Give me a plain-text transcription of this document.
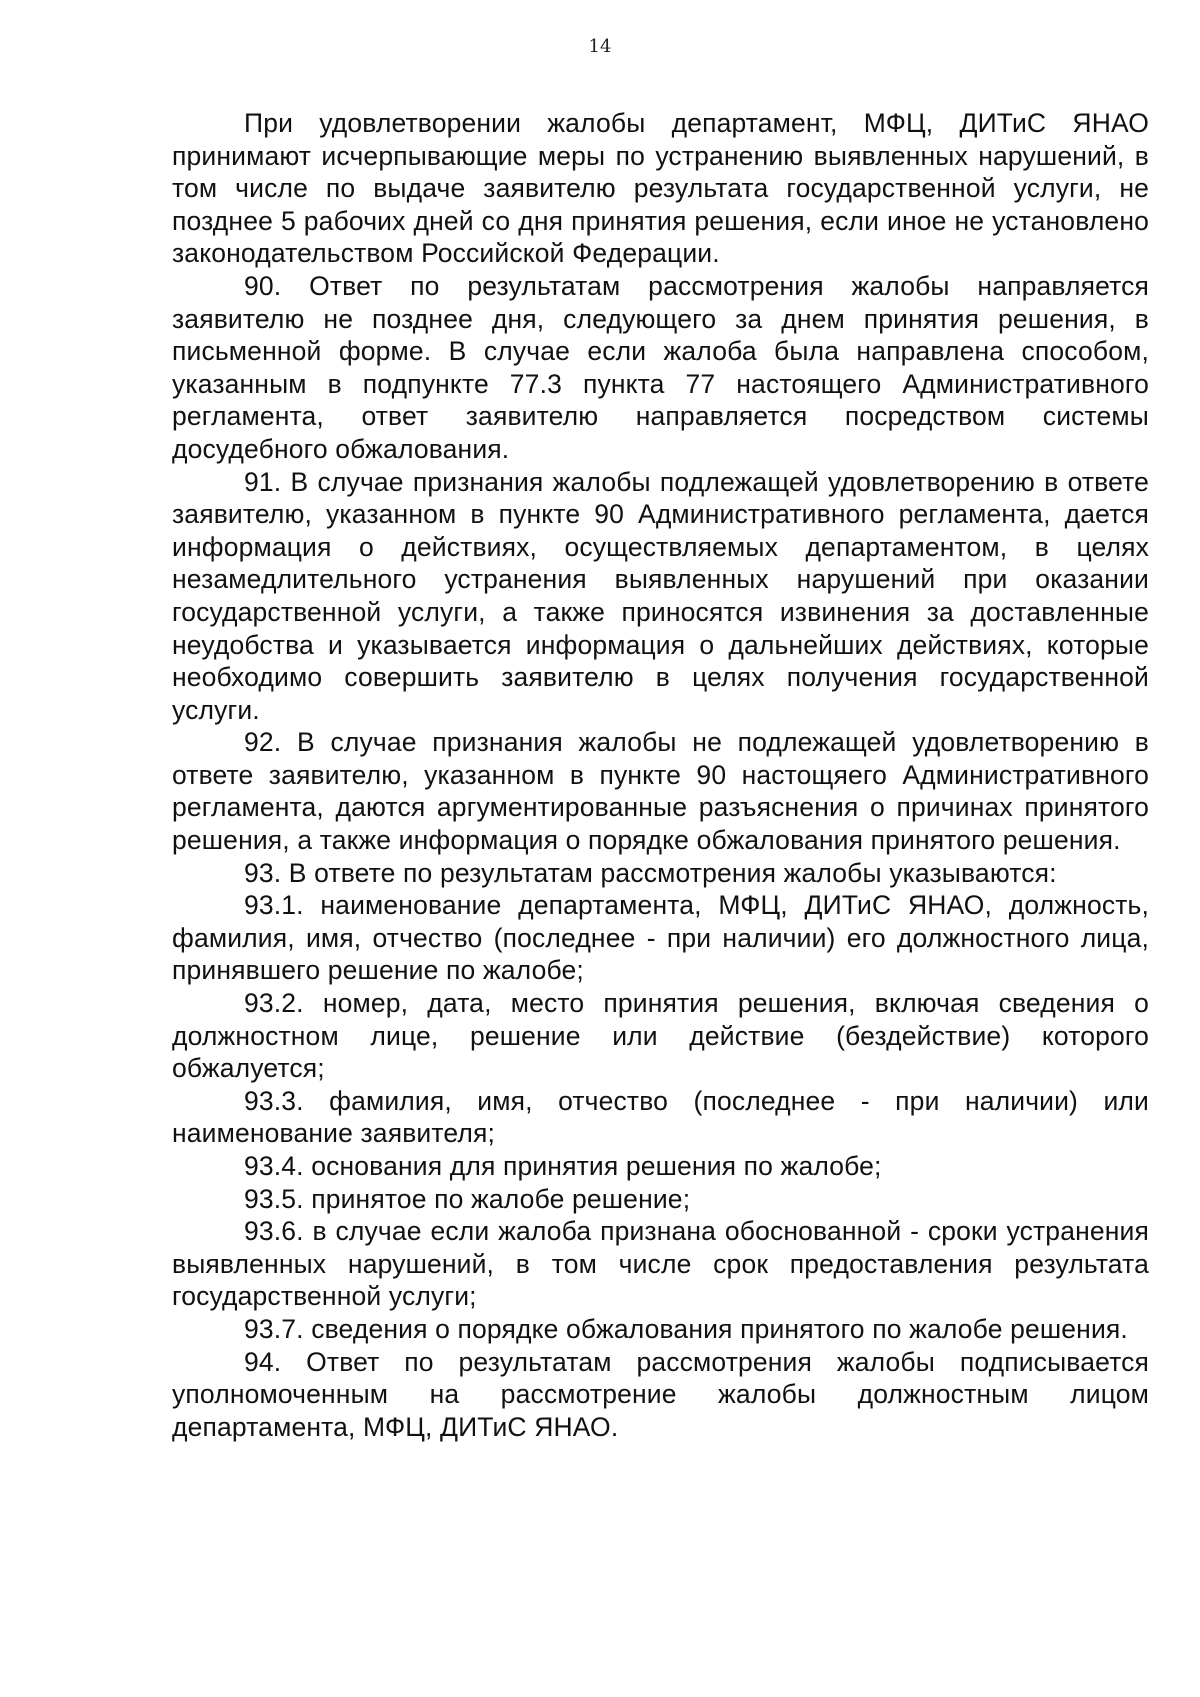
14

При удовлетворении жалобы департамент, МФЦ, ДИТиС ЯНАО принимают исчерпывающие меры по устранению выявленных нарушений, в том числе по выдаче заявителю результата государственной услуги, не позднее 5 рабочих дней со дня принятия решения, если иное не установлено законодательством Российской Федерации.

90. Ответ по результатам рассмотрения жалобы направляется заявителю не позднее дня, следующего за днем принятия решения, в письменной форме. В случае если жалоба была направлена способом, указанным в подпункте 77.3 пункта 77 настоящего Административного регламента, ответ заявителю направляется посредством системы досудебного обжалования.

91. В случае признания жалобы подлежащей удовлетворению в ответе заявителю, указанном в пункте 90 Административного регламента, дается информация о действиях, осуществляемых департаментом, в целях незамедлительного устранения выявленных нарушений при оказании государственной услуги, а также приносятся извинения за доставленные неудобства и указывается информация о дальнейших действиях, которые необходимо совершить заявителю в целях получения государственной услуги.

92. В случае признания жалобы не подлежащей удовлетворению в ответе заявителю, указанном в пункте 90 настощяего Административного регламента, даются аргументированные разъяснения о причинах принятого решения, а также информация о порядке обжалования принятого решения.

93. В ответе по результатам рассмотрения жалобы указываются:

93.1. наименование департамента, МФЦ, ДИТиС ЯНАО, должность, фамилия, имя, отчество (последнее - при наличии) его должностного лица, принявшего решение по жалобе;

93.2. номер, дата, место принятия решения, включая сведения о должностном лице, решение или действие (бездействие) которого обжалуется;

93.3. фамилия, имя, отчество (последнее - при наличии) или наименование заявителя;

93.4. основания для принятия решения по жалобе;

93.5. принятое по жалобе решение;

93.6. в случае если жалоба признана обоснованной - сроки устранения выявленных нарушений, в том числе срок предоставления результата государственной услуги;

93.7. сведения о порядке обжалования принятого по жалобе решения.

94. Ответ по результатам рассмотрения жалобы подписывается уполномоченным на рассмотрение жалобы должностным лицом департамента, МФЦ, ДИТиС ЯНАО.
